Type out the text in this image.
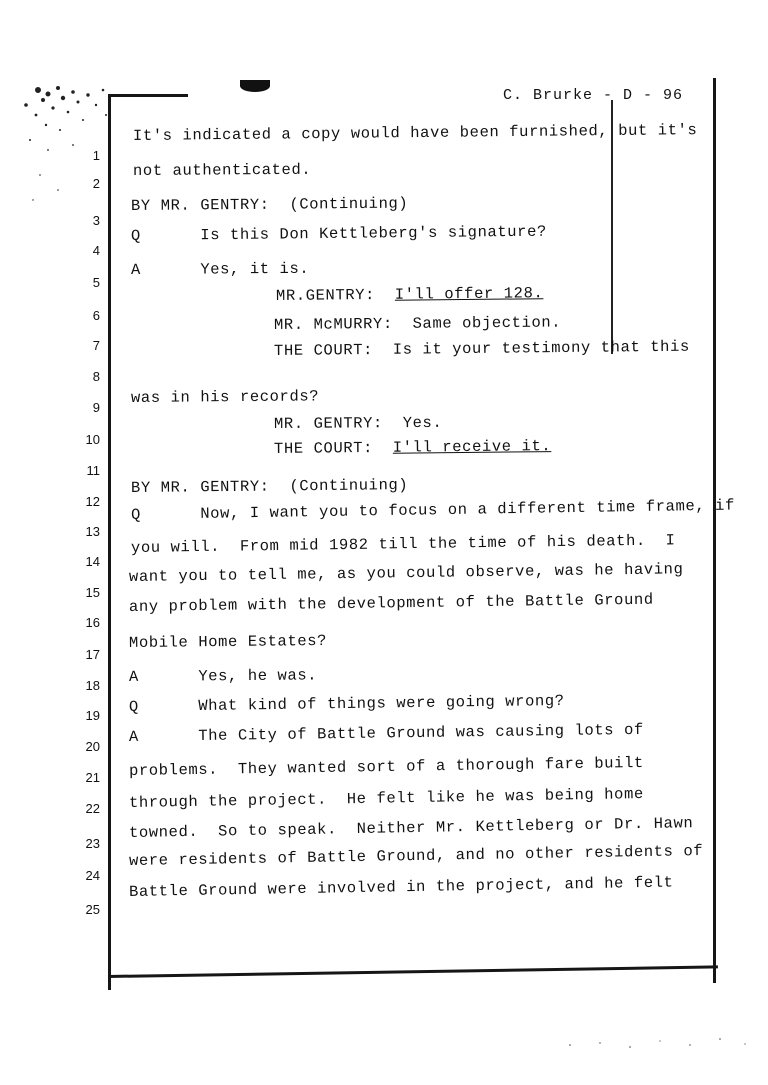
C. Brurke - D - 96
1
2
3
4
5
6
7
8
9
10
11
12
13
14
15
16
17
18
19
20
21
22
23
24
25
It's indicated a copy would have been furnished, but it's
not authenticated.
BY MR. GENTRY:  (Continuing)
Q      Is this Don Kettleberg's signature?
A      Yes, it is.
MR.GENTRY:  I'll offer 128.
MR. McMURRY:  Same objection.
THE COURT:  Is it your testimony that this
was in his records?
MR. GENTRY:  Yes.
THE COURT:  I'll receive it.
BY MR. GENTRY:  (Continuing)
Q      Now, I want you to focus on a different time frame, if
you will.  From mid 1982 till the time of his death.  I
want you to tell me, as you could observe, was he having
any problem with the development of the Battle Ground
Mobile Home Estates?
A      Yes, he was.
Q      What kind of things were going wrong?
A      The City of Battle Ground was causing lots of
problems.  They wanted sort of a thorough fare built
through the project.  He felt like he was being home
towned.  So to speak.  Neither Mr. Kettleberg or Dr. Hawn
were residents of Battle Ground, and no other residents of
Battle Ground were involved in the project, and he felt
